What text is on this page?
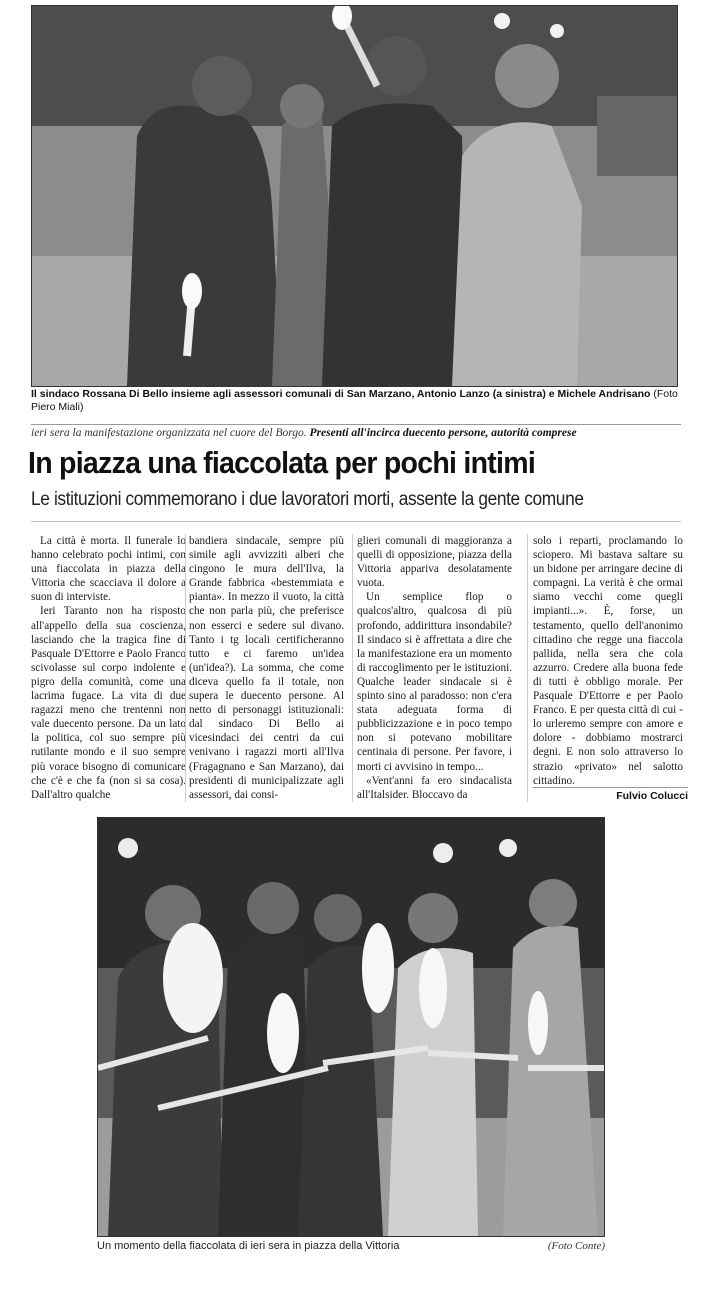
Il sindaco Rossana Di Bello insieme agli assessori comunali di San Marzano, Antonio Lanzo (a sinistra) e Michele Andrisano (Foto Piero Miali)
ieri sera la manifestazione organizzata nel cuore del Borgo. Presenti all'incirca duecento persone, autorità comprese
In piazza una fiaccolata per pochi intimi
Le istituzioni commemorano i due lavoratori morti, assente la gente comune

La città è morta. Il funerale lo hanno celebrato pochi intimi, con una fiaccolata in piazza della Vittoria che scacciava il dolore a suon di interviste.

Ieri Taranto non ha risposto all'appello della sua coscienza, lasciando che la tragica fine di Pasquale D'Ettorre e Paolo Franco scivolasse sul corpo indolente e pigro della comunità, come una lacrima fugace. La vita di due ragazzi meno che trentenni non vale duecento persone. Da un lato la politica, col suo sempre più rutilante mondo e il suo sempre più vorace bisogno di comunicare che c'è e che fa (non si sa cosa). Dall'altro qualche

bandiera sindacale, sempre più simile agli avvizziti alberi che cingono le mura dell'Ilva, la Grande fabbrica «bestemmiata e pianta». In mezzo il vuoto, la città che non parla più, che preferisce non esserci e sedere sul divano. Tanto i tg locali certificheranno tutto e ci faremo un'idea (un'idea?). La somma, che come diceva quello fa il totale, non supera le duecento persone. Al netto di personaggi istituzionali: dal sindaco Di Bello ai vicesindaci dei centri da cui venivano i ragazzi morti all'Ilva (Fragagnano e San Marzano), dai presidenti di municipalizzate agli assessori, dai consi-

glieri comunali di maggioranza a quelli di opposizione, piazza della Vittoria appariva desolatamente vuota.

Un semplice flop o qualcos'altro, qualcosa di più profondo, addirittura insondabile? Il sindaco si è affrettata a dire che la manifestazione era un momento di raccoglimento per le istituzioni. Qualche leader sindacale si è spinto sino al paradosso: non c'era stata adeguata forma di pubblicizzazione e in poco tempo non si potevano mobilitare centinaia di persone. Per favore, i morti ci avvisino in tempo...

«Vent'anni fa ero sindacalista all'Italsider. Bloccavo da

solo i reparti, proclamando lo sciopero. Mi bastava saltare su un bidone per arringare decine di compagni. La verità è che ormai siamo vecchi come quegli impianti...». È, forse, un testamento, quello dell'anonimo cittadino che regge una fiaccola pallida, nella sera che cola azzurro. Credere alla buona fede di tutti è obbligo morale. Per Pasquale D'Ettorre e per Paolo Franco. E per questa città di cui - lo urleremo sempre con amore e dolore - dobbiamo mostrarci degni. E non solo attraverso lo strazio «privato» nel salotto cittadino.

Fulvio Colucci
Un momento della fiaccolata di ieri sera in piazza della Vittoria	(Foto Conte)
